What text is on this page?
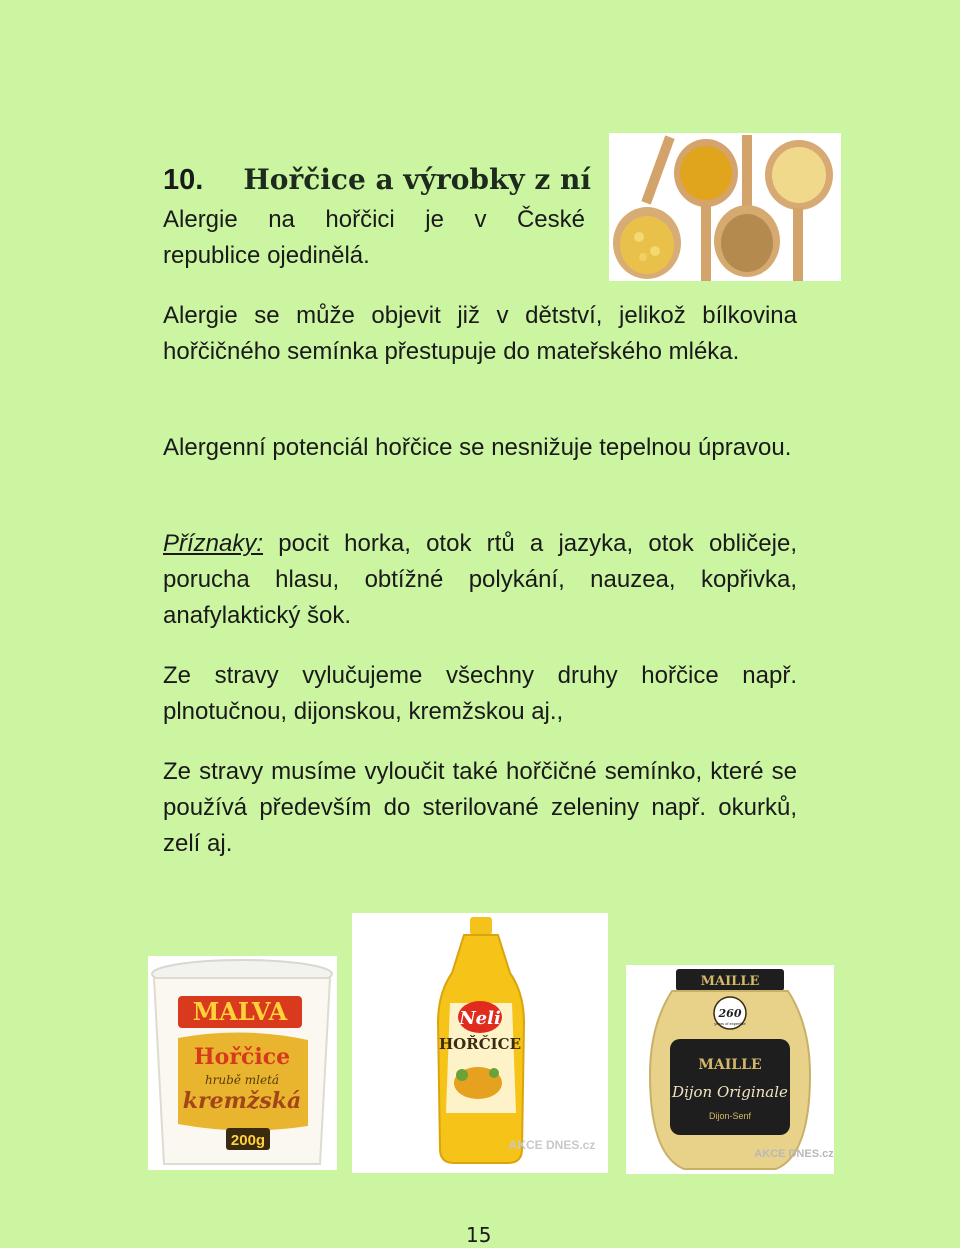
10. Hořčice a výrobky z ní

Alergie na hořčici je v České

republice ojedinělá.

Alergie se může objevit již v dětství, jelikož bílkovina hořčičného semínka přestupuje do mateřského mléka.

Alergenní potenciál hořčice se nesnižuje tepelnou úpravou.

Příznaky: pocit horka, otok rtů a jazyka, otok obličeje, porucha hlasu, obtížné polykání, nauzea, kopřivka, anafylaktický šok.

Ze stravy vylučujeme všechny druhy hořčice např. plnotučnou, dijonskou, kremžskou aj.,

Ze stravy musíme vyloučit také hořčičné semínko, které se používá především do sterilované zeleniny např. okurků, zelí aj.

MALVA
Hořčice
hrubě mletá
kremžská
200g
Neli
HOŘČICE
AKCE DNES.cz
MAILLE
260
years of expertise
MAILLE
Dijon Originale
Dijon-Senf
AKCE DNES.cz
15
